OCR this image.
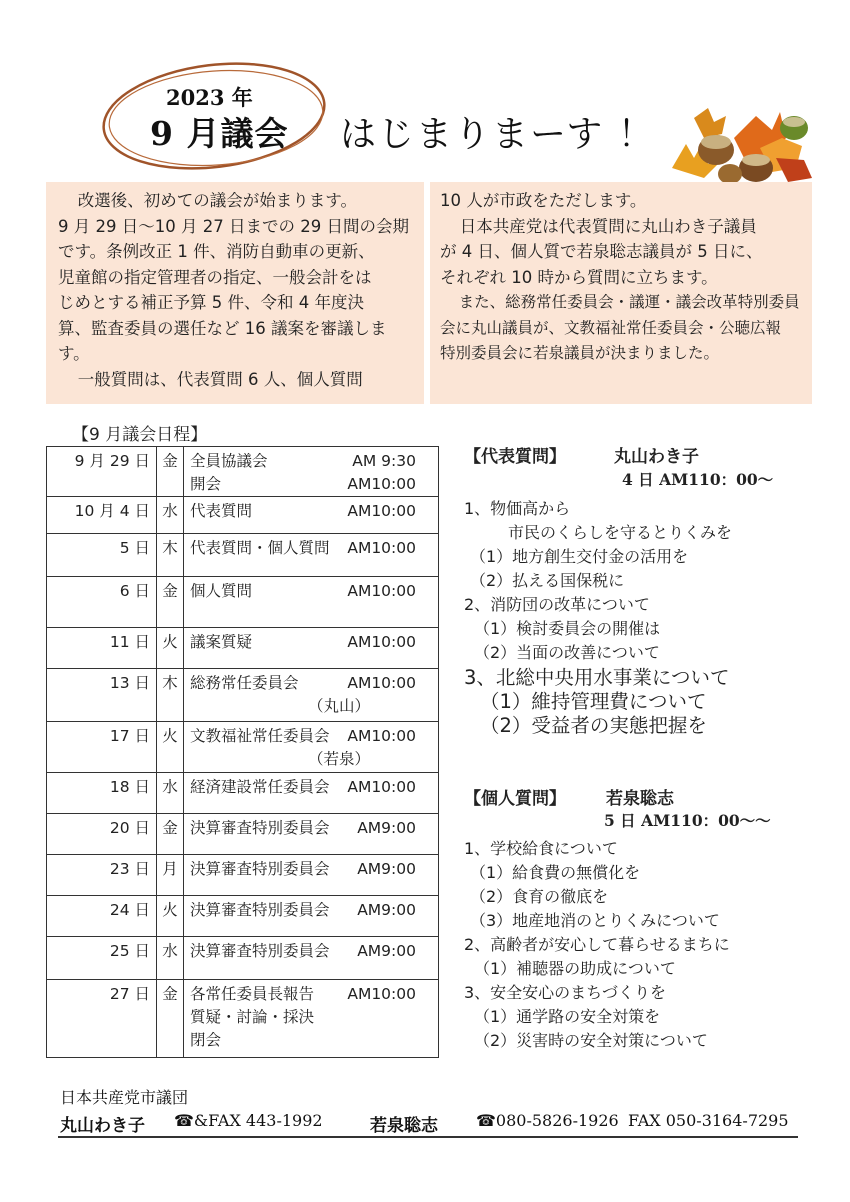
2023 年
9 月議会 はじまりまーす ！

改選後、初めての議会が始まります。

9 月 29 日～10 月 27 日までの 29 日間の会期

です。条例改正 1 件、消防自動車の更新、

児童館の指定管理者の指定、一般会計をは

じめとする補正予算 5 件、令和 4 年度決

算、監査委員の選任など 16 議案を審議しま

す。

一般質問は、代表質問 6 人、個人質問

10 人が市政をただします。

日本共産党は代表質問に丸山わき子議員

が 4 日、個人質で若泉聡志議員が 5 日に、

それぞれ 10 時から質問に立ちます。

また、総務常任委員会・議運・議会改革特別委員

会に丸山議員が、文教福祉常任委員会・公聴広報

特別委員会に若泉議員が決まりました。

【9 月議会日程】
9 月 29 日	金	全員協議会 AM 9:30

開会 AM10:00

10 月 4 日	水	代表質問 AM10:00

5 日	木	代表質問・個人質問 AM10:00

6 日	金	個人質問 AM10:00

11 日	火	議案質疑 AM10:00

13 日	木	総務常任委員会 AM10:00
（丸山）

17 日	火	文教福祉常任委員会 AM10:00
（若泉）

18 日	水	経済建設常任委員会 AM10:00

20 日	金	決算審査特別委員会 AM9:00

23 日	月	決算審査特別委員会 AM9:00

24 日	火	決算審査特別委員会 AM9:00

25 日	水	決算審査特別委員会 AM9:00

27 日	金	各常任委員長報告 AM10:00

質疑・討論・採決
閉会
【代表質問】	丸山わき子
4 日 AM110：00～
1、物価高から
市民のくらしを守るとりくみを
（1）地方創生交付金の活用を
（2）払える国保税に
2、消防団の改革について
（1）検討委員会の開催は
（2）当面の改善について
3、北総中央用水事業について
（1）維持管理費について
（2）受益者の実態把握を
【個人質問】 若泉聡志
5 日 AM110：00～～
1、学校給食について
（1）給食費の無償化を
（2）食育の徹底を
（3）地産地消のとりくみについて
2、高齢者が安心して暮らせるまちに
（1）補聴器の助成について
3、安全安心のまちづくりを
（1）通学路の安全対策を
（2）災害時の安全対策について
日本共産党市議団
丸山わき子 ☎&FAX 443-1992	若泉聡志 ☎080-5826-1926 FAX 050-3164-7295
